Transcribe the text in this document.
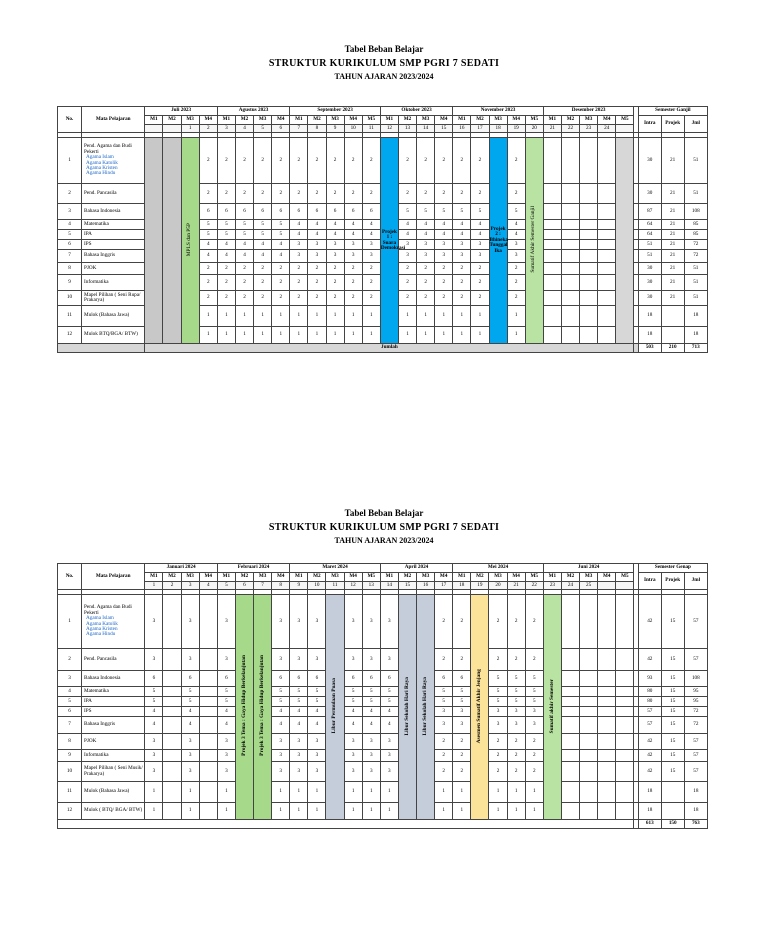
Tabel Beban Belajar
STRUKTUR KURIKULUM SMP PGRI 7 SEDATI
TAHUN AJARAN 2023/2024
No.	Mata Pelajaran	Juli 2023				Agustus 2023				September 2023					Oktober 2023				November 2023					Desember 2023						Semester Ganjil		
		M1	M2	M3	M4	M1	M2	M3	M4	M1	M2	M3	M4	M5	M1	M2	M3	M4	M1	M2	M3	M4	M5	M1	M2	M3	M4	M5		Intra	Projek	Jml
				1	2	3	4	5	6	7	8	9	10	11	12	13	14	15	16	17	18	19	20	21	22	23	24					

1	Pend. Agama dan Budi Pekerti
Agama Islam
Agama Katolik
Agama Kristen
Agama Hindu			MPLS dan P5P	2	2	2	2	2	2	2	2	2	2	Projek 1 : Suara Demokrasi	2	2	2	2	2	Projek 2 : Bhineka Tunggal Ika	2	Sumatif Akhir Semester Ganjil							30	21	51
2	Pend. Pancasila				2	2	2	2	2	2	2	2	2	2		2	2	2	2	2		2								30	21	51
3	Bahasa Indonesia				6	6	6	6	6	6	6	6	6	6		5	5	5	5	5		5								87	21	108
4	Matematika				5	5	5	5	5	4	4	4	4	4		4	4	4	4	4		4								64	21	85
5	IPA				5	5	5	5	5	4	4	4	4	4		4	4	4	4	4		4								64	21	85
6	IPS				4	4	4	4	4	3	3	3	3	3		3	3	3	3	3		3								51	21	72
7	Bahasa Inggris				4	4	4	4	4	3	3	3	3	3		3	3	3	3	3		3								51	21	72
8	PJOK				2	2	2	2	2	2	2	2	2	2		2	2	2	2	2		2								30	21	51
9	Informatika				2	2	2	2	2	2	2	2	2	2		2	2	2	2	2		2								30	21	51
10	Mapel Pilihan ( Seni Rupa/ Prakarya)				2	2	2	2	2	2	2	2	2	2		2	2	2	2	2		2								30	21	51
11	Mulok (Bahasa Jawa)				1	1	1	1	1	1	1	1	1	1		1	1	1	1	1		1								18		18
12	Mulok BTQ/BGA/ BTW)				1	1	1	1	1	1	1	1	1	1		1	1	1	1	1		1								18		18
		Jumlah																												503	210	713
Tabel Beban Belajar
STRUKTUR KURIKULUM SMP PGRI 7 SEDATI
TAHUN AJARAN 2023/2024
No.	Mata Pelajaran	Januari 2024				Februari 2024				Maret 2024					April 2024				Mei 2024					Juni 2024						Semester Genap		
		M1	M2	M3	M4	M1	M2	M3	M4	M1	M2	M3	M4	M5	M1	M2	M3	M4	M1	M2	M3	M4	M5	M1	M2	M3	M4	M5		Intra	Projek	Jml
		1	2	3	4	5	6	7	8	9	10	11	12	13	14	15	16	17	18	19	20	21	22	23	24	25						

1	Pend. Agama dan Budi Pekerti
Agama Islam
Agama Katolik
Agama Kristen
Agama Hindu	3		3		3	Projek 3 Tema : Gaya Hidup Berkelanjutan	Projek 3 Tema : Gaya Hidup Berkelanjutan	3	3	3	Libur Permulaan Puasa	3	3	3	Libur Sekolah Hari Raya	Libur Sekolah Hari Raya	2	2	Asesmen Sumatif Akhir Jenjang	2	2	2	Sumatif akhir Semester						42	15	57
2	Pend. Pancasila	3		3		3			3	3	3		3	3	3			2	2		2	2	2							42	15	57
3	Bahasa Indonesia	6		6		6			6	6	6		6	6	6			6	6		5	5	5							93	15	108
4	Matematika	5		5		5			5	5	5		5	5	5			5	5		5	5	5							80	15	95
5	IPA	5		5		5			5	5	5		5	5	5			5	5		5	5	5							80	15	95
6	IPS	4		4		4			4	4	4		4	4	4			3	3		3	3	3							57	15	72
7	Bahasa Inggris	4		4		4			4	4	4		4	4	4			3	3		3	3	3							57	15	72
8	PJOK	3		3		3			3	3	3		3	3	3			2	2		2	2	2							42	15	57
9	Informatika	3		3		3			3	3	3		3	3	3			2	2		2	2	2							42	15	57
10	Mapel Pilihan ( Seni Musik/ Prakarya)	3		3		3			3	3	3		3	3	3			2	2		2	2	2							42	15	57
11	Mulok (Bahasa Jawa)	1		1		1			1	1	1		1	1	1			1	1		1	1	1							18		18
12	Mulok ( BTQ/ BGA/ BTW)	1		1		1			1	1	1		1	1	1			1	1		1	1	1							18		18
																														613	150	763
